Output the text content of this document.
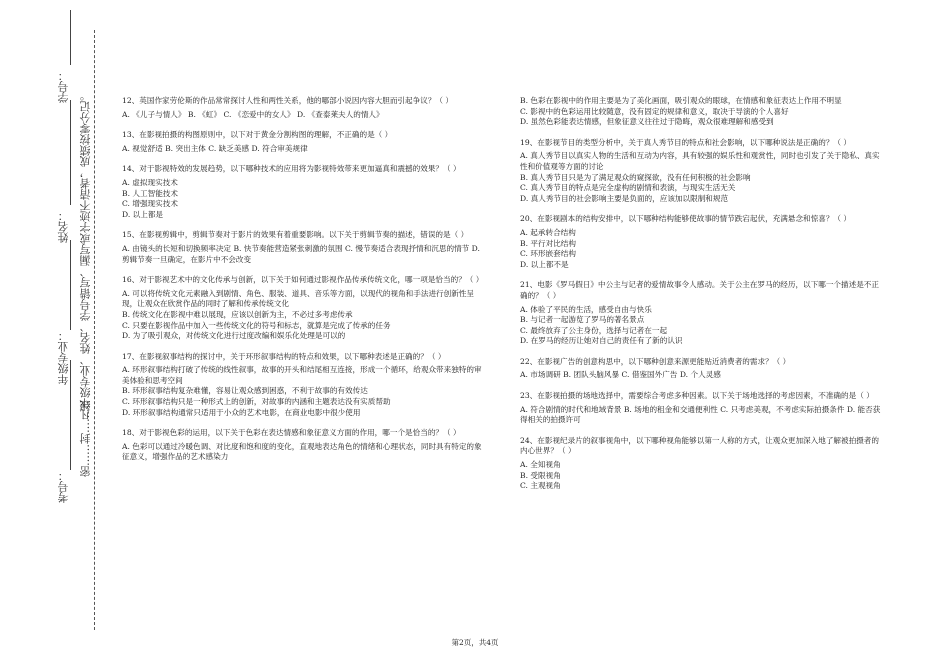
考号：
年级专业：
姓名：
学号：
凡年级专业、姓名、学号错写、漏写或字迹不清者，成绩按零分记。
密……封……线

12、英国作家劳伦斯的作品常常探讨人性和两性关系，他的哪部小说因内容大胆而引起争议？（ ）

A. 《儿子与情人》 B. 《虹》 C. 《恋爱中的女人》 D. 《查泰莱夫人的情人》

13、在影视拍摄的构图原则中，以下对于黄金分割构图的理解，不正确的是（ ）

A. 视觉舒适 B. 突出主体 C. 缺乏美感 D. 符合审美规律

14、对于影视特效的发展趋势，以下哪种技术的应用将为影视特效带来更加逼真和震撼的效果？（ ）

A. 虚拟现实技术

B. 人工智能技术

C. 增强现实技术

D. 以上都是

15、在影视剪辑中，剪辑节奏对于影片的效果有着重要影响。以下关于剪辑节奏的描述，错误的是（ ）

A. 由镜头的长短和切换频率决定 B. 快节奏能营造紧张刺激的氛围 C. 慢节奏适合表现抒情和沉思的情节 D. 剪辑节奏一旦确定，在影片中不会改变

16、对于影视艺术中的文化传承与创新，以下关于如何通过影视作品传承传统文化，哪一项是恰当的？（ ）

A. 可以将传统文化元素融入到剧情、角色、服装、道具、音乐等方面，以现代的视角和手法进行创新性呈现，让观众在欣赏作品的同时了解和传承传统文化

B. 传统文化在影视中难以展现，应该以创新为主，不必过多考虑传承

C. 只要在影视作品中加入一些传统文化的符号和标志，就算是完成了传承的任务

D. 为了吸引观众，对传统文化进行过度改编和娱乐化处理是可以的

17、在影视叙事结构的探讨中，关于环形叙事结构的特点和效果，以下哪种表述是正确的？（ ）

A. 环形叙事结构打破了传统的线性叙事，故事的开头和结尾相互连接，形成一个循环，给观众带来独特的审美体验和思考空间

B. 环形叙事结构复杂难懂，容易让观众感到困惑，不利于故事的有效传达

C. 环形叙事结构只是一种形式上的创新，对故事的内涵和主题表达没有实质帮助

D. 环形叙事结构通常只适用于小众的艺术电影，在商业电影中很少使用

18、对于影视色彩的运用，以下关于色彩在表达情感和象征意义方面的作用，哪一个是恰当的？（ ）

A. 色彩可以通过冷暖色调、对比度和饱和度的变化，直观地表达角色的情绪和心理状态，同时具有特定的象征意义，增强作品的艺术感染力

B. 色彩在影视中的作用主要是为了美化画面，吸引观众的眼球，在情感和象征表达上作用不明显

C. 影视中的色彩运用比较随意，没有固定的规律和意义，取决于导演的个人喜好

D. 虽然色彩能表达情感，但象征意义往往过于隐晦，观众很难理解和感受到

19、在影视节目的类型分析中，关于真人秀节目的特点和社会影响，以下哪种说法是正确的？（ ）

A. 真人秀节目以真实人物的生活和互动为内容，具有较强的娱乐性和观赏性，同时也引发了关于隐私、真实性和价值观等方面的讨论

B. 真人秀节目只是为了满足观众的窥探欲，没有任何积极的社会影响

C. 真人秀节目的特点是完全虚构的剧情和表演，与现实生活无关

D. 真人秀节目的社会影响主要是负面的，应该加以限制和规范

20、在影视剧本的结构安排中，以下哪种结构能够使故事的情节跌宕起伏，充满悬念和惊喜？（ ）

A. 起承转合结构

B. 平行对比结构

C. 环形嵌套结构

D. 以上都不是

21、电影《罗马假日》中公主与记者的爱情故事令人感动。关于公主在罗马的经历，以下哪一个描述是不正确的？（ ）

A. 体验了平民的生活，感受自由与快乐

B. 与记者一起游览了罗马的著名景点

C. 最终放弃了公主身份，选择与记者在一起

D. 在罗马的经历让她对自己的责任有了新的认识

22、在影视广告的创意构思中，以下哪种创意来源更能贴近消费者的需求？（ ）

A. 市场调研 B. 团队头脑风暴 C. 借鉴国外广告 D. 个人灵感

23、在影视拍摄的场地选择中，需要综合考虑多种因素。以下关于场地选择的考虑因素，不准确的是（ ）

A. 符合剧情的时代和地域背景 B. 场地的租金和交通便利性 C. 只考虑美观，不考虑实际拍摄条件 D. 能否获得相关的拍摄许可

24、在影视纪录片的叙事视角中，以下哪种视角能够以第一人称的方式，让观众更加深入地了解被拍摄者的内心世界？（ ）

A. 全知视角

B. 受限视角

C. 主观视角

第2页，共4页
